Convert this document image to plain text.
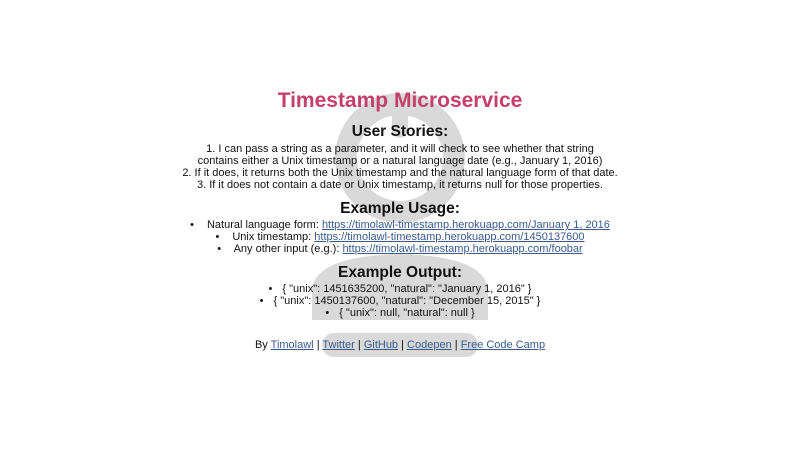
Timestamp Microservice
User Stories:
1. I can pass a string as a parameter, and it will check to see whether that string
contains either a Unix timestamp or a natural language date (e.g., January 1, 2016)
2. If it does, it returns both the Unix timestamp and the natural language form of that date.
3. If it does not contain a date or Unix timestamp, it returns null for those properties.
Example Usage:
• Natural language form: https://timolawl-timestamp.herokuapp.com/January 1, 2016
• Unix timestamp: https://timolawl-timestamp.herokuapp.com/1450137600
• Any other input (e.g.): https://timolawl-timestamp.herokuapp.com/foobar
Example Output:
• { "unix": 1451635200, "natural": "January 1, 2016" }
• { "unix": 1450137600, "natural": "December 15, 2015" }
• { "unix": null, "natural": null }
By Timolawl | Twitter | GitHub | Codepen | Free Code Camp
